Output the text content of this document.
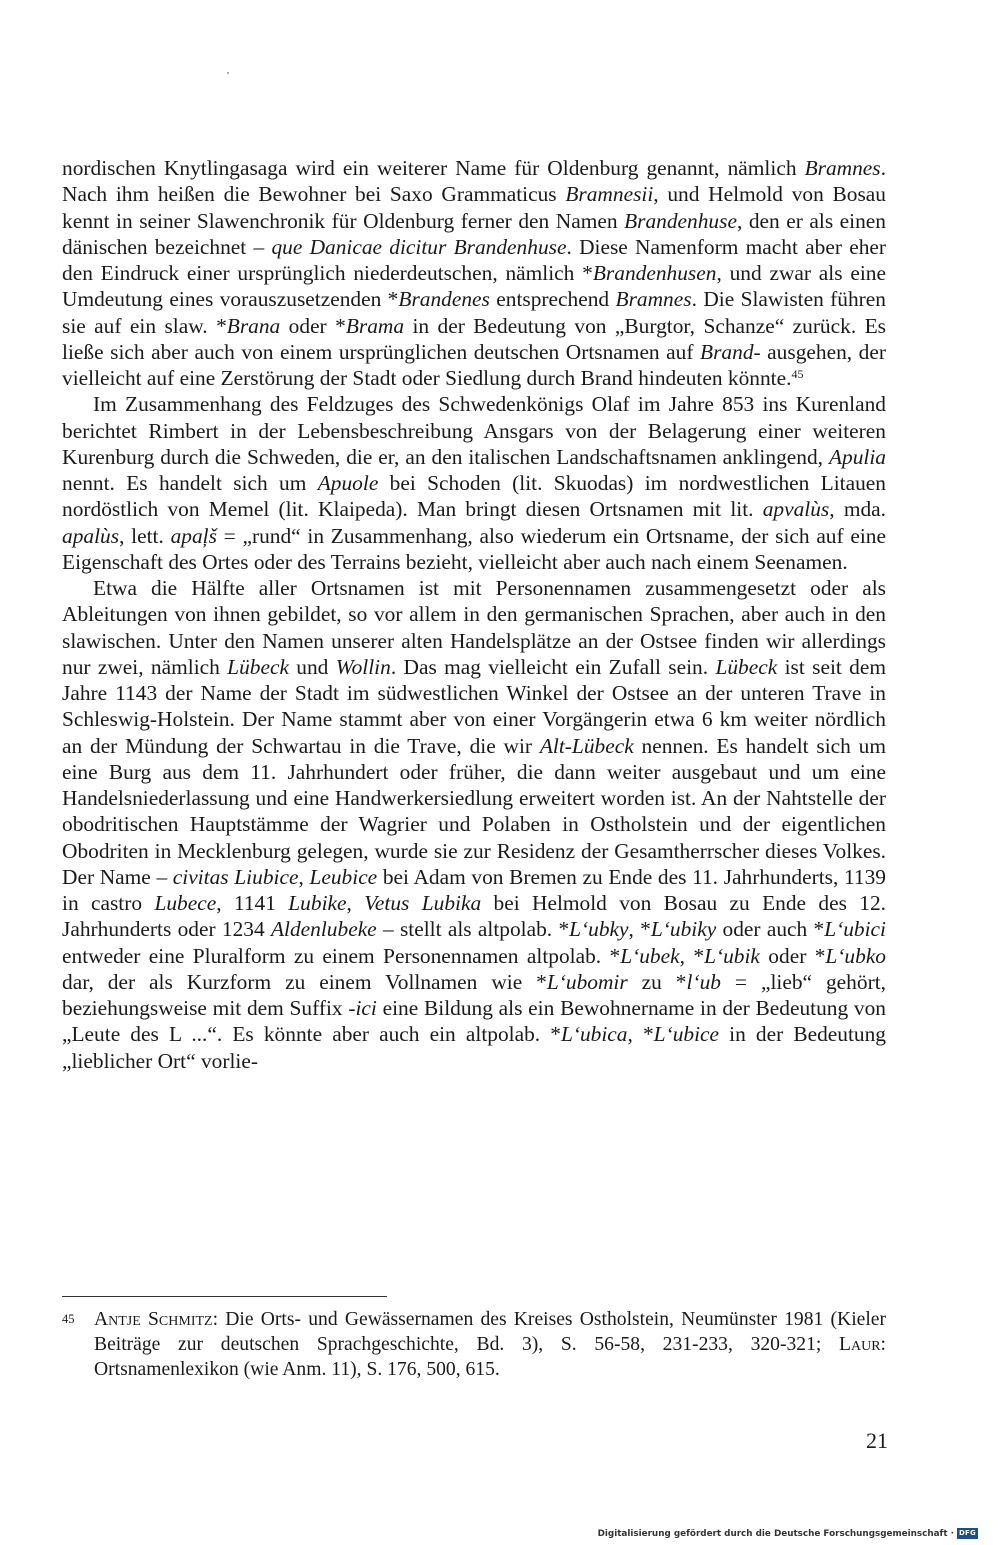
nordischen Knytlingasaga wird ein weiterer Name für Oldenburg genannt, nämlich Bramnes. Nach ihm heißen die Bewohner bei Saxo Grammaticus Bramnesii, und Helmold von Bosau kennt in seiner Slawenchronik für Oldenburg ferner den Namen Brandenhuse, den er als einen dänischen bezeichnet – que Danicae dicitur Brandenhuse. Diese Namenform macht aber eher den Eindruck einer ursprünglich niederdeutschen, nämlich *Brandenhusen, und zwar als eine Umdeutung eines vorauszusetzenden *Brandenes entsprechend Bramnes. Die Slawisten führen sie auf ein slaw. *Brana oder *Brama in der Bedeutung von „Burgtor, Schanze“ zurück. Es ließe sich aber auch von einem ursprünglichen deutschen Ortsnamen auf Brand- ausgehen, der vielleicht auf eine Zerstörung der Stadt oder Siedlung durch Brand hindeuten könnte.$^{45}$

Im Zusammenhang des Feldzuges des Schwedenkönigs Olaf im Jahre 853 ins Kurenland berichtet Rimbert in der Lebensbeschreibung Ansgars von der Belagerung einer weiteren Kurenburg durch die Schweden, die er, an den italischen Landschaftsnamen anklingend, Apulia nennt. Es handelt sich um Apuole bei Schoden (lit. Skuodas) im nordwestlichen Litauen nordöstlich von Memel (lit. Klaipeda). Man bringt diesen Ortsnamen mit lit. apvalùs, mda. apalùs, lett. apaļš = „rund“ in Zusammenhang, also wiederum ein Ortsname, der sich auf eine Eigenschaft des Ortes oder des Terrains bezieht, vielleicht aber auch nach einem Seenamen.

Etwa die Hälfte aller Ortsnamen ist mit Personennamen zusammengesetzt oder als Ableitungen von ihnen gebildet, so vor allem in den germanischen Sprachen, aber auch in den slawischen. Unter den Namen unserer alten Handelsplätze an der Ostsee finden wir allerdings nur zwei, nämlich Lübeck und Wollin. Das mag vielleicht ein Zufall sein. Lübeck ist seit dem Jahre 1143 der Name der Stadt im südwestlichen Winkel der Ostsee an der unteren Trave in Schleswig-Holstein. Der Name stammt aber von einer Vorgängerin etwa 6 km weiter nördlich an der Mündung der Schwartau in die Trave, die wir Alt-Lübeck nennen. Es handelt sich um eine Burg aus dem 11. Jahrhundert oder früher, die dann weiter ausgebaut und um eine Handelsniederlassung und eine Handwerkersiedlung erweitert worden ist. An der Nahtstelle der obodritischen Hauptstämme der Wagrier und Polaben in Ostholstein und der eigentlichen Obodriten in Mecklenburg gelegen, wurde sie zur Residenz der Gesamtherrscher dieses Volkes. Der Name – civitas Liubice, Leubice bei Adam von Bremen zu Ende des 11. Jahrhunderts, 1139 in castro Lubece, 1141 Lubike, Vetus Lubika bei Helmold von Bosau zu Ende des 12. Jahrhunderts oder 1234 Aldenlubeke – stellt als altpolab. *L‘ubky, *L‘ubiky oder auch *L‘ubici entweder eine Pluralform zu einem Personennamen altpolab. *L‘ubek, *L‘ubik oder *L‘ubko dar, der als Kurzform zu einem Vollnamen wie *L‘ubomir zu *l‘ub = „lieb“ gehört, beziehungsweise mit dem Suffix -ici eine Bildung als ein Bewohnername in der Bedeutung von „Leute des L ...“. Es könnte aber auch ein altpolab. *L‘ubica, *L‘ubice in der Bedeutung „lieblicher Ort“ vorlie-

45 Antje Schmitz: Die Orts- und Gewässernamen des Kreises Ostholstein, Neumünster 1981 (Kieler Beiträge zur deutschen Sprachgeschichte, Bd. 3), S. 56-58, 231-233, 320-321; Laur: Ortsnamenlexikon (wie Anm. 11), S. 176, 500, 615.
21
Digitalisierung gefördert durch die Deutsche Forschungsgemeinschaft · DFG
